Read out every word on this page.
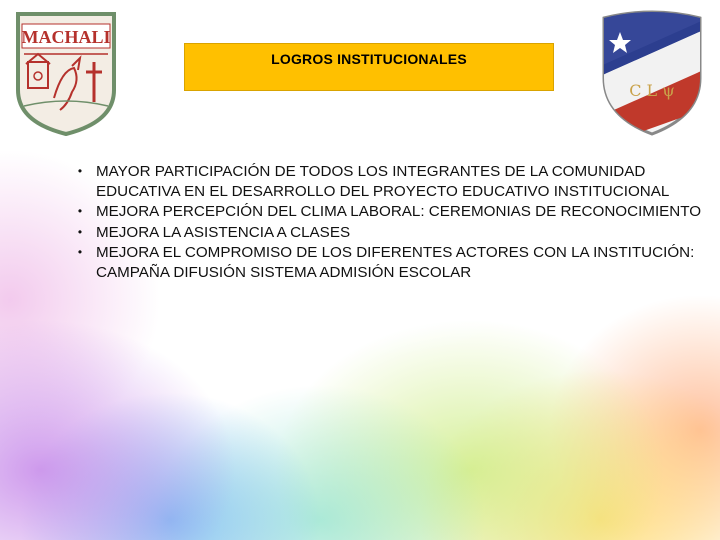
MACHALI
C L ψ
LOGROS INSTITUCIONALES
• MAYOR PARTICIPACIÓN DE TODOS LOS INTEGRANTES DE LA COMUNIDAD EDUCATIVA EN EL DESARROLLO DEL PROYECTO EDUCATIVO INSTITUCIONAL
• MEJORA PERCEPCIÓN DEL CLIMA LABORAL: CEREMONIAS DE RECONOCIMIENTO
• MEJORA LA ASISTENCIA A CLASES
• MEJORA EL COMPROMISO DE LOS DIFERENTES ACTORES CON LA INSTITUCIÓN: CAMPAÑA DIFUSIÓN SISTEMA ADMISIÓN ESCOLAR
